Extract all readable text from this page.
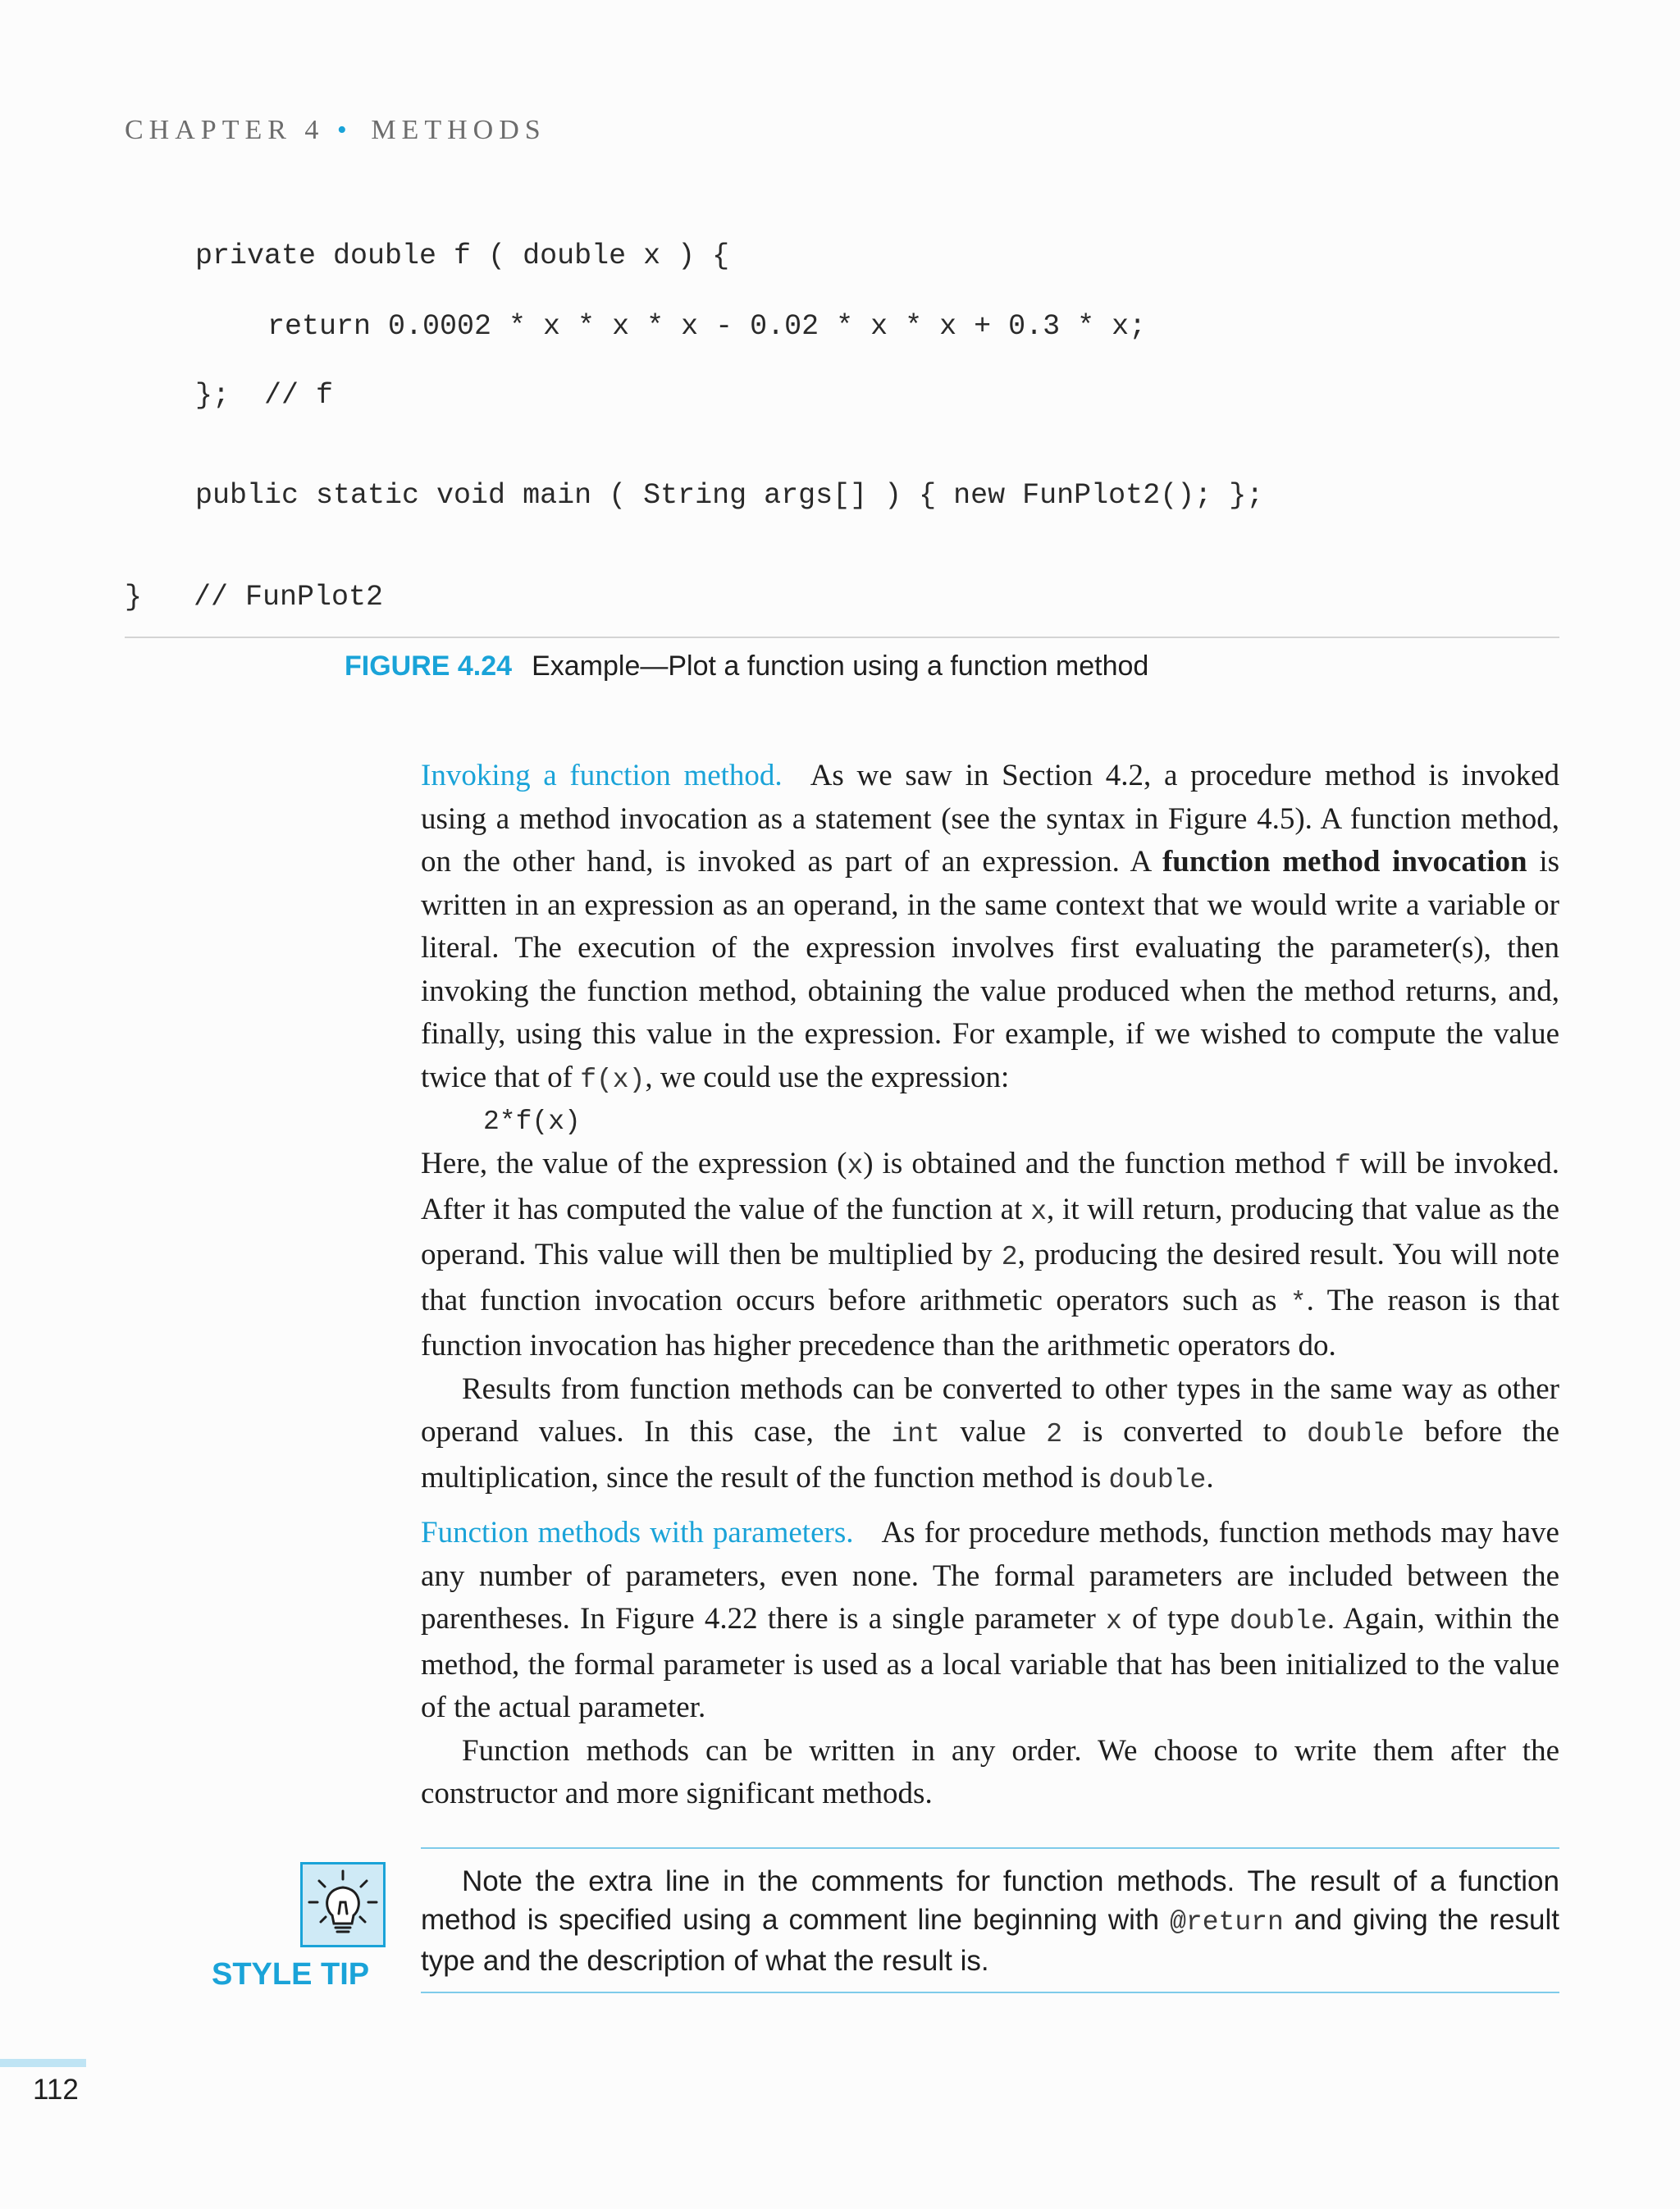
CHAPTER 4 • METHODS
private double f ( double x ) {
return 0.0002 * x * x * x - 0.02 * x * x + 0.3 * x;
};  // f
public static void main ( String args[] ) { new FunPlot2(); };
}   // FunPlot2
FIGURE 4.24 Example—Plot a function using a function method

Invoking a function method. As we saw in Section 4.2, a procedure method is invoked using a method invocation as a statement (see the syntax in Figure 4.5). A function method, on the other hand, is invoked as part of an expression. A function method invocation is written in an expression as an operand, in the same context that we would write a variable or literal. The execution of the expression involves first evaluating the parameter(s), then invoking the function method, obtaining the value produced when the method returns, and, finally, using this value in the expression. For example, if we wished to compute the value twice that of f(x), we could use the expression:

2*f(x)

Here, the value of the expression (x) is obtained and the function method f will be invoked. After it has computed the value of the function at x, it will return, producing that value as the operand. This value will then be multiplied by 2, producing the desired result. You will note that function invocation occurs before arithmetic operators such as *. The reason is that function invocation has higher precedence than the arithmetic operators do.

Results from function methods can be converted to other types in the same way as other operand values. In this case, the int value 2 is converted to double before the multiplication, since the result of the function method is double.

Function methods with parameters. As for procedure methods, function methods may have any number of parameters, even none. The formal parameters are included between the parentheses. In Figure 4.22 there is a single parameter x of type double. Again, within the method, the formal parameter is used as a local variable that has been initialized to the value of the actual parameter.

Function methods can be written in any order. We choose to write them after the constructor and more significant methods.

STYLE TIP

Note the extra line in the comments for function methods. The result of a function method is specified using a comment line beginning with @return and giving the result type and the description of what the result is.

112
